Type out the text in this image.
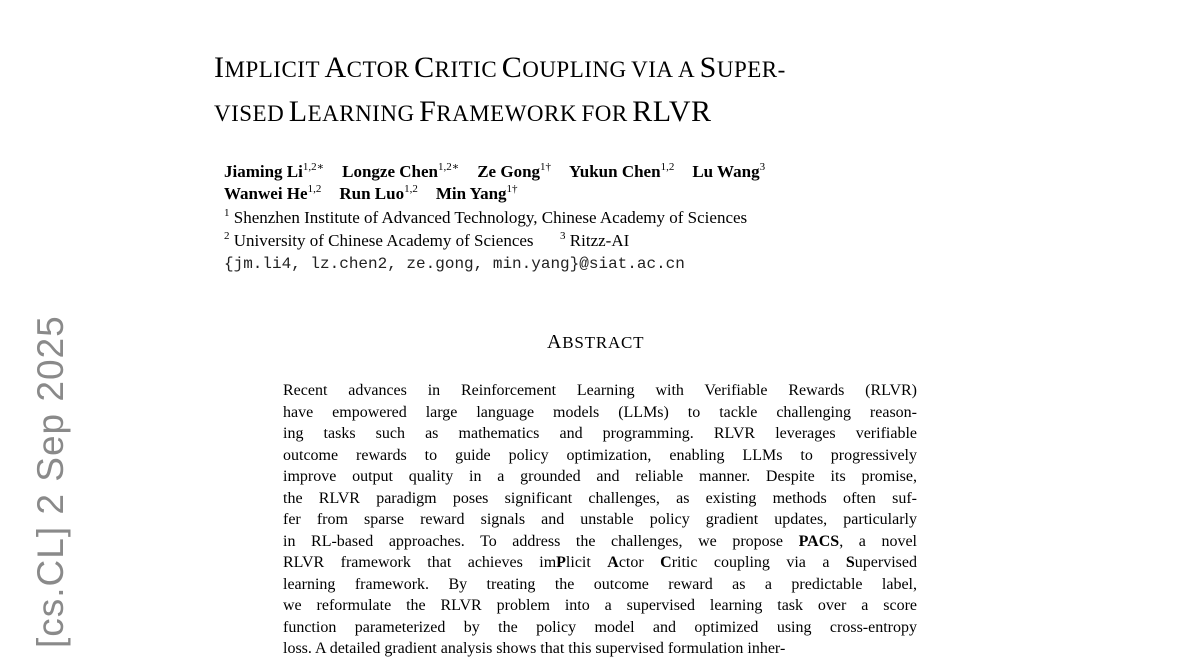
IMPLICIT ACTOR CRITIC COUPLING VIA A SUPER-
VISED LEARNING FRAMEWORK FOR RLVR
Jiaming $Li^{1,2∗}$ Longze Chen$^{1,2∗}$ Ze Gong$^{1\dagger}$ Yukun Chen$^{1,2}$ Lu Wang$^3$
Wanwei He$^{1,2}$ Run Luo$^{1,2}$ Min Yang$^{1\dagger}$
$^1$ Shenzhen Institute of Advanced Technology, Chinese Academy of Sciences
$^2$ University of Chinese Academy of Sciences $^3$ Ritzz-AI
{jm.li4, lz.chen2, ze.gong, min.yang}@siat.ac.cn
ABSTRACT
Recent advances in Reinforcement Learning with Verifiable Rewards (RLVR)
have empowered large language models (LLMs) to tackle challenging reason-
ing tasks such as mathematics and programming. RLVR leverages verifiable
outcome rewards to guide policy optimization, enabling LLMs to progressively
improve output quality in a grounded and reliable manner. Despite its promise,
the RLVR paradigm poses significant challenges, as existing methods often suf-
fer from sparse reward signals and unstable policy gradient updates, particularly
in RL-based approaches. To address the challenges, we propose PACS, a novel
RLVR framework that achieves imPlicit Actor Critic coupling via a Supervised
learning framework. By treating the outcome reward as a predictable label,
we reformulate the RLVR problem into a supervised learning task over a score
function parameterized by the policy model and optimized using cross-entropy
loss. A detailed gradient analysis shows that this supervised formulation inher-
[cs.CL] 2 Sep 2025
